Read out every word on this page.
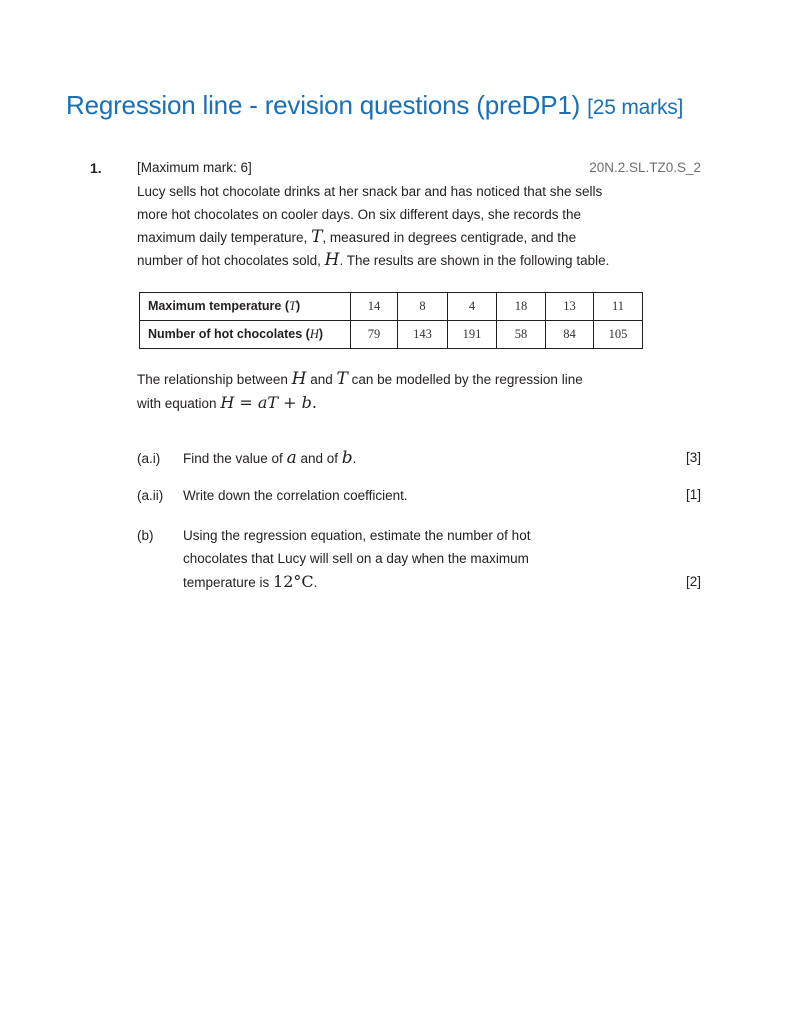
Regression line - revision questions (preDP1) [25 marks]
1.	[Maximum mark: 6]	20N.2.SL.TZ0.S_2
Lucy sells hot chocolate drinks at her snack bar and has noticed that she sells
more hot chocolates on cooler days. On six different days, she records the
maximum daily temperature, T, measured in degrees centigrade, and the
number of hot chocolates sold, H. The results are shown in the following table.
Maximum temperature (T)	14	8	4	18	13	11
Number of hot chocolates (H)	79	143	191	58	84	105
The relationship between H and T can be modelled by the regression line
with equation H = aT + b.
(a.i) Find the value of a and of b.	[3]
(a.ii) Write down the correlation coefficient.	[1]
(b) Using the regression equation, estimate the number of hot
chocolates that Lucy will sell on a day when the maximum
temperature is 12°C.	[2]
